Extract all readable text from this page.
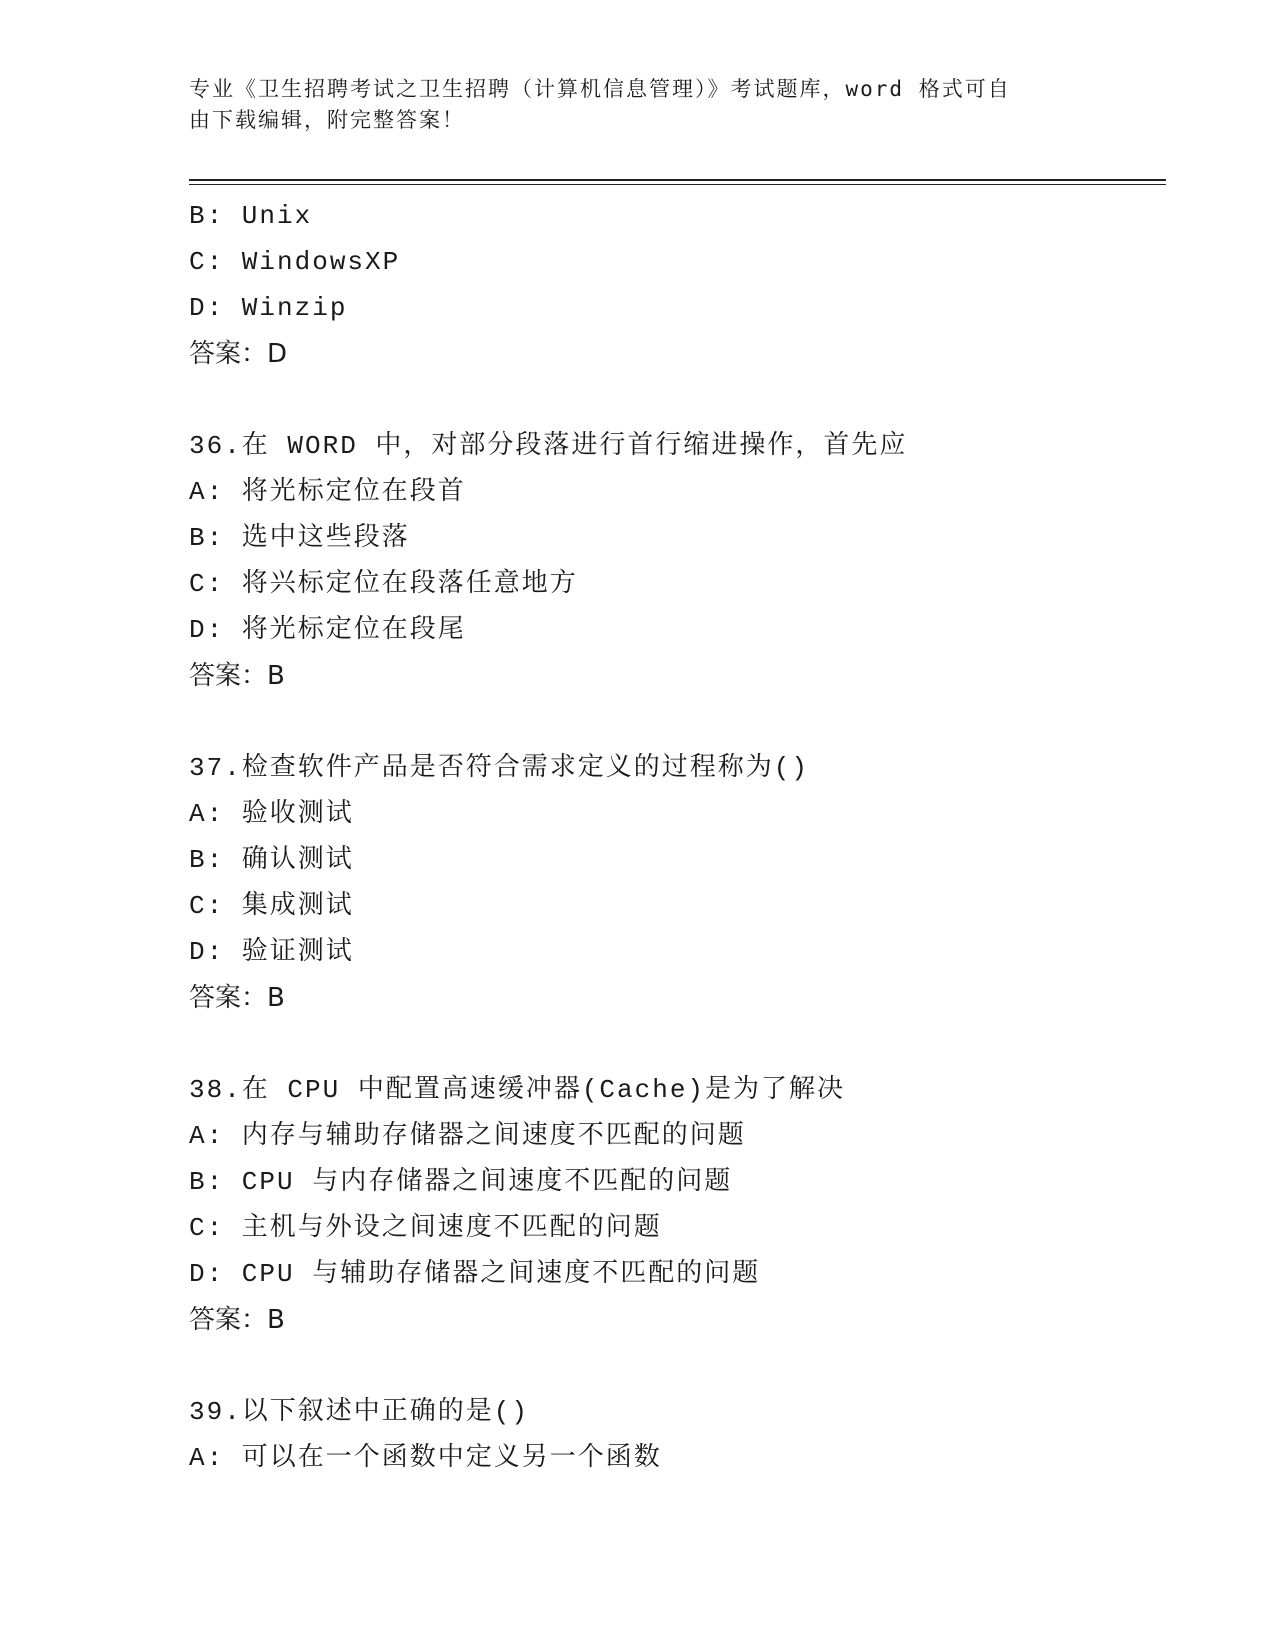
专业《卫生招聘考试之卫生招聘（计算机信息管理）》考试题库，word 格式可自
由下载编辑，附完整答案！
B: Unix
C: WindowsXP
D: Winzip
答案：D
36.在 WORD 中，对部分段落进行首行缩进操作，首先应
A: 将光标定位在段首
B: 选中这些段落
C: 将兴标定位在段落任意地方
D: 将光标定位在段尾
答案：B
37.检查软件产品是否符合需求定义的过程称为()
A: 验收测试
B: 确认测试
C: 集成测试
D: 验证测试
答案：B
38.在 CPU 中配置高速缓冲器(Cache)是为了解决
A: 内存与辅助存储器之间速度不匹配的问题
B: CPU 与内存储器之间速度不匹配的问题
C: 主机与外设之间速度不匹配的问题
D: CPU 与辅助存储器之间速度不匹配的问题
答案：B
39.以下叙述中正确的是()
A: 可以在一个函数中定义另一个函数
